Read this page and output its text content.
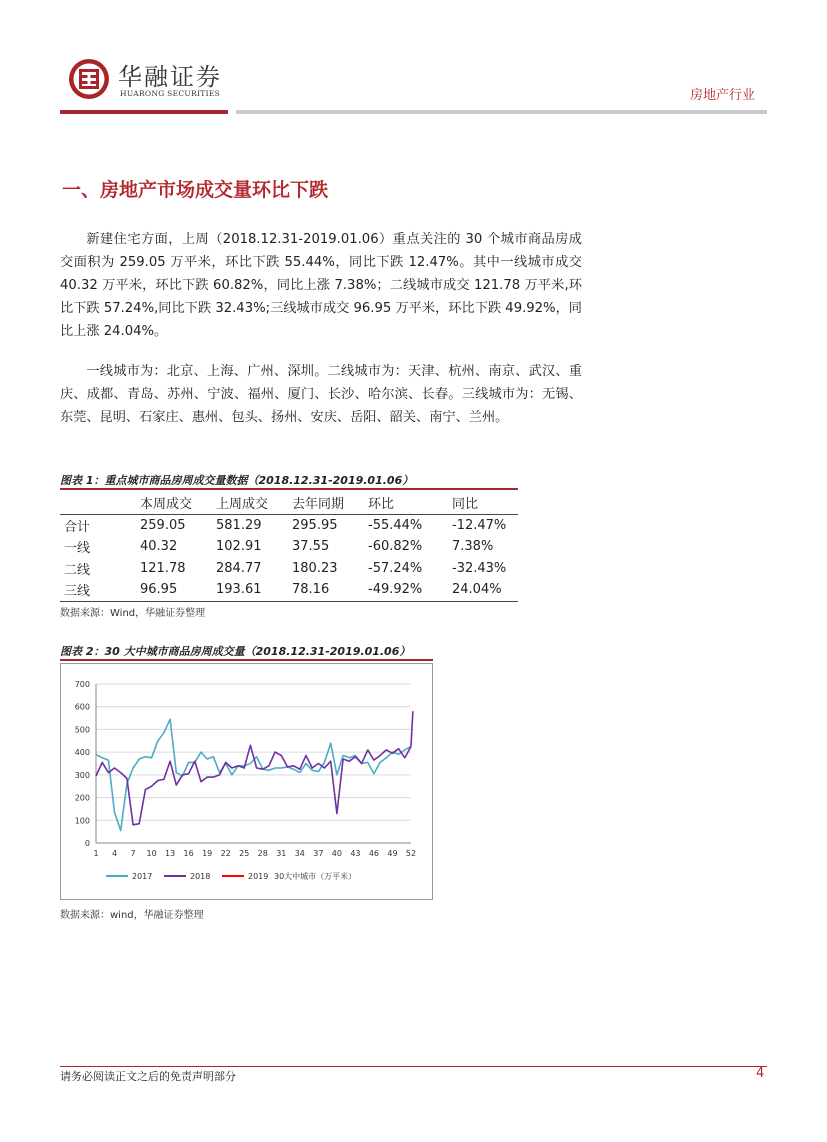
华融证券
HUARONG SECURITIES	房地产行业
一、房地产市场成交量环比下跌

新建住宅方面，上周（2018.12.31-2019.01.06）重点关注的 30 个城市商品房成交面积为 259.05 万平米，环比下跌 55.44%，同比下跌 12.47%。其中一线城市成交 40.32 万平米，环比下跌 60.82%，同比上涨 7.38%；二线城市成交 121.78 万平米,环比下跌 57.24%,同比下跌 32.43%;三线城市成交 96.95 万平米，环比下跌 49.92%，同比上涨 24.04%。

一线城市为：北京、上海、广州、深圳。二线城市为：天津、杭州、南京、武汉、重庆、成都、青岛、苏州、宁波、福州、厦门、长沙、哈尔滨、长春。三线城市为：无锡、东莞、昆明、石家庄、惠州、包头、扬州、安庆、岳阳、韶关、南宁、兰州。

图表 1：重点城市商品房周成交量数据（2018.12.31-2019.01.06）
	本周成交	上周成交	去年同期	环比	同比
合计	259.05	581.29	295.95	-55.44%	-12.47%
一线	40.32	102.91	37.55	-60.82%	7.38%
二线	121.78	284.77	180.23	-57.24%	-32.43%
三线	96.95	193.61	78.16	-49.92%	24.04%
数据来源：Wind，华融证券整理
图表 2：30 大中城市商品房周成交量（2018.12.31-2019.01.06）
0
100
200
300
400
500
600
700
1 4 7 10 13 16 19 22 25 28 31 34 37 40 43 46 49 52
2017	2018	2019 30大中城市（万平米）
数据来源：wind，华融证券整理
请务必阅读正文之后的免责声明部分	4
